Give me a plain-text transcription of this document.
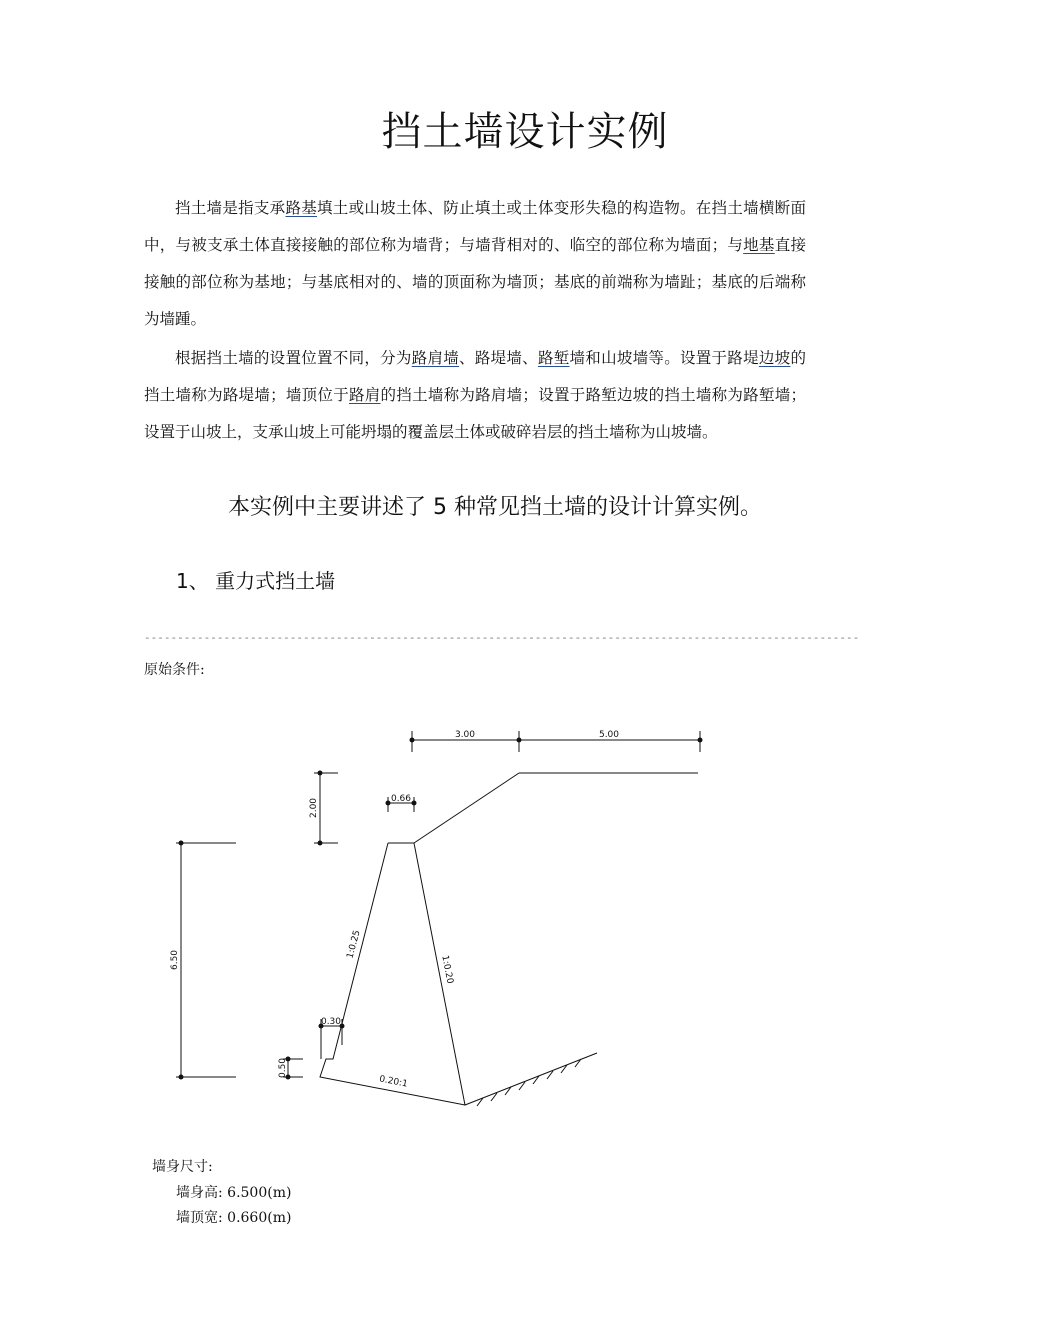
挡土墙设计实例
挡土墙是指支承路基填土或山坡土体、防止填土或土体变形失稳的构造物。在挡土墙横断面中，与被支承土体直接接触的部位称为墙背；与墙背相对的、临空的部位称为墙面；与地基直接接触的部位称为基地；与基底相对的、墙的顶面称为墙顶；基底的前端称为墙趾；基底的后端称为墙踵。
根据挡土墙的设置位置不同，分为路肩墙、路堤墙、路堑墙和山坡墙等。设置于路堤边坡的挡土墙称为路堤墙；墙顶位于路肩的挡土墙称为路肩墙；设置于路堑边坡的挡土墙称为路堑墙；设置于山坡上，支承山坡上可能坍塌的覆盖层土体或破碎岩层的挡土墙称为山坡墙。
本实例中主要讲述了 5 种常见挡土墙的设计计算实例。
1、 重力式挡土墙
------------------------------------------------------------------------------------------------------------
原始条件:
3.00	5.00
2.00	0.66
6.50
1:0.25
1:0.20
0.30
0.50
0.20:1
墙身尺寸:
墙身高: 6.500(m)
墙顶宽: 0.660(m)
